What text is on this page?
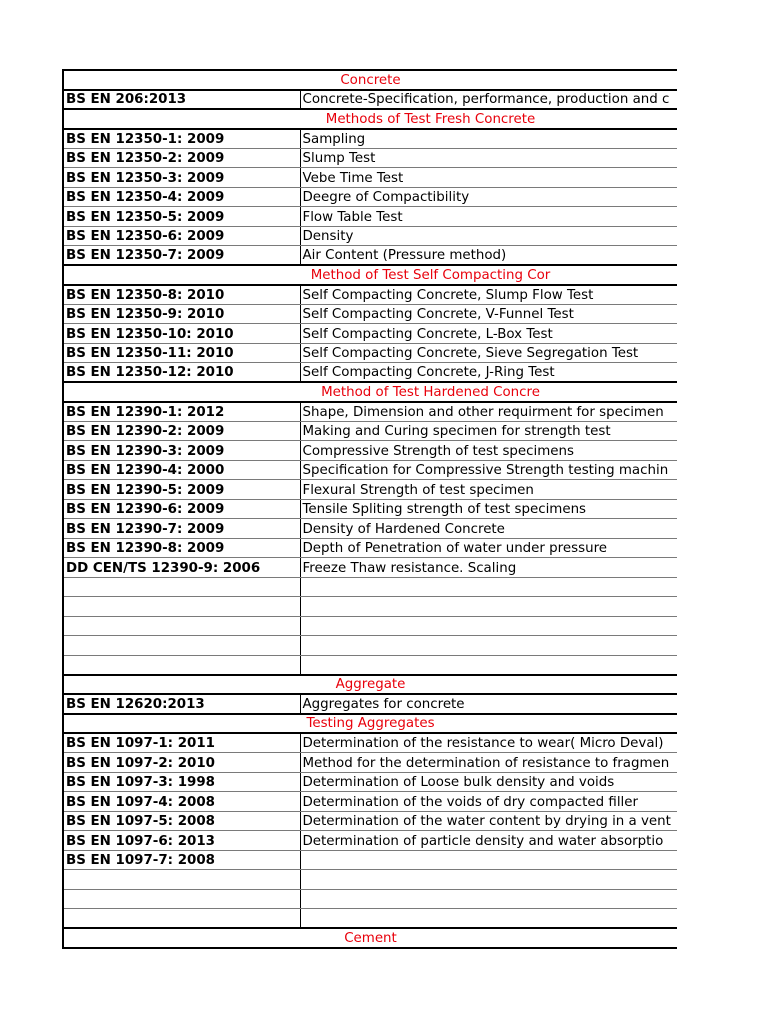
Concrete	
BS EN 206:2013	Concrete-Specification, performance, production and c
Methods of Test Fresh Concrete	
BS EN 12350-1: 2009	Sampling
BS EN 12350-2: 2009	Slump Test
BS EN 12350-3: 2009	Vebe Time Test
BS EN 12350-4: 2009	Deegre of Compactibility
BS EN 12350-5: 2009	Flow Table Test
BS EN 12350-6: 2009	Density
BS EN 12350-7: 2009	Air Content (Pressure method)
Method of Test Self Compacting Cor	
BS EN 12350-8: 2010	Self Compacting Concrete, Slump Flow Test
BS EN 12350-9: 2010	Self Compacting Concrete, V-Funnel Test
BS EN 12350-10: 2010	Self Compacting Concrete, L-Box Test
BS EN 12350-11: 2010	Self Compacting Concrete, Sieve Segregation Test
BS EN 12350-12: 2010	Self Compacting Concrete, J-Ring Test
Method of Test Hardened Concre	
BS EN 12390-1: 2012	Shape, Dimension and other requirment for specimen
BS EN 12390-2: 2009	Making and Curing specimen for strength test
BS EN 12390-3: 2009	Compressive Strength of test specimens
BS EN 12390-4: 2000	Specification for Compressive Strength testing machin
BS EN 12390-5: 2009	Flexural Strength of test specimen
BS EN 12390-6: 2009	Tensile Spliting strength of test specimens
BS EN 12390-7: 2009	Density of Hardened Concrete
BS EN 12390-8: 2009	Depth of Penetration of water under pressure
DD CEN/TS 12390-9: 2006	Freeze Thaw resistance. Scaling

Aggregate	
BS EN 12620:2013	Aggregates for concrete
Testing Aggregates	
BS EN 1097-1: 2011	Determination of the resistance to wear( Micro Deval)
BS EN 1097-2: 2010	Method for the determination of resistance to fragmen
BS EN 1097-3: 1998	Determination of Loose bulk density and voids
BS EN 1097-4: 2008	Determination of the voids of dry compacted filler
BS EN 1097-5: 2008	Determination of the water content by drying in a vent
BS EN 1097-6: 2013	Determination of particle density and water absorptio
BS EN 1097-7: 2008	

Cement	
